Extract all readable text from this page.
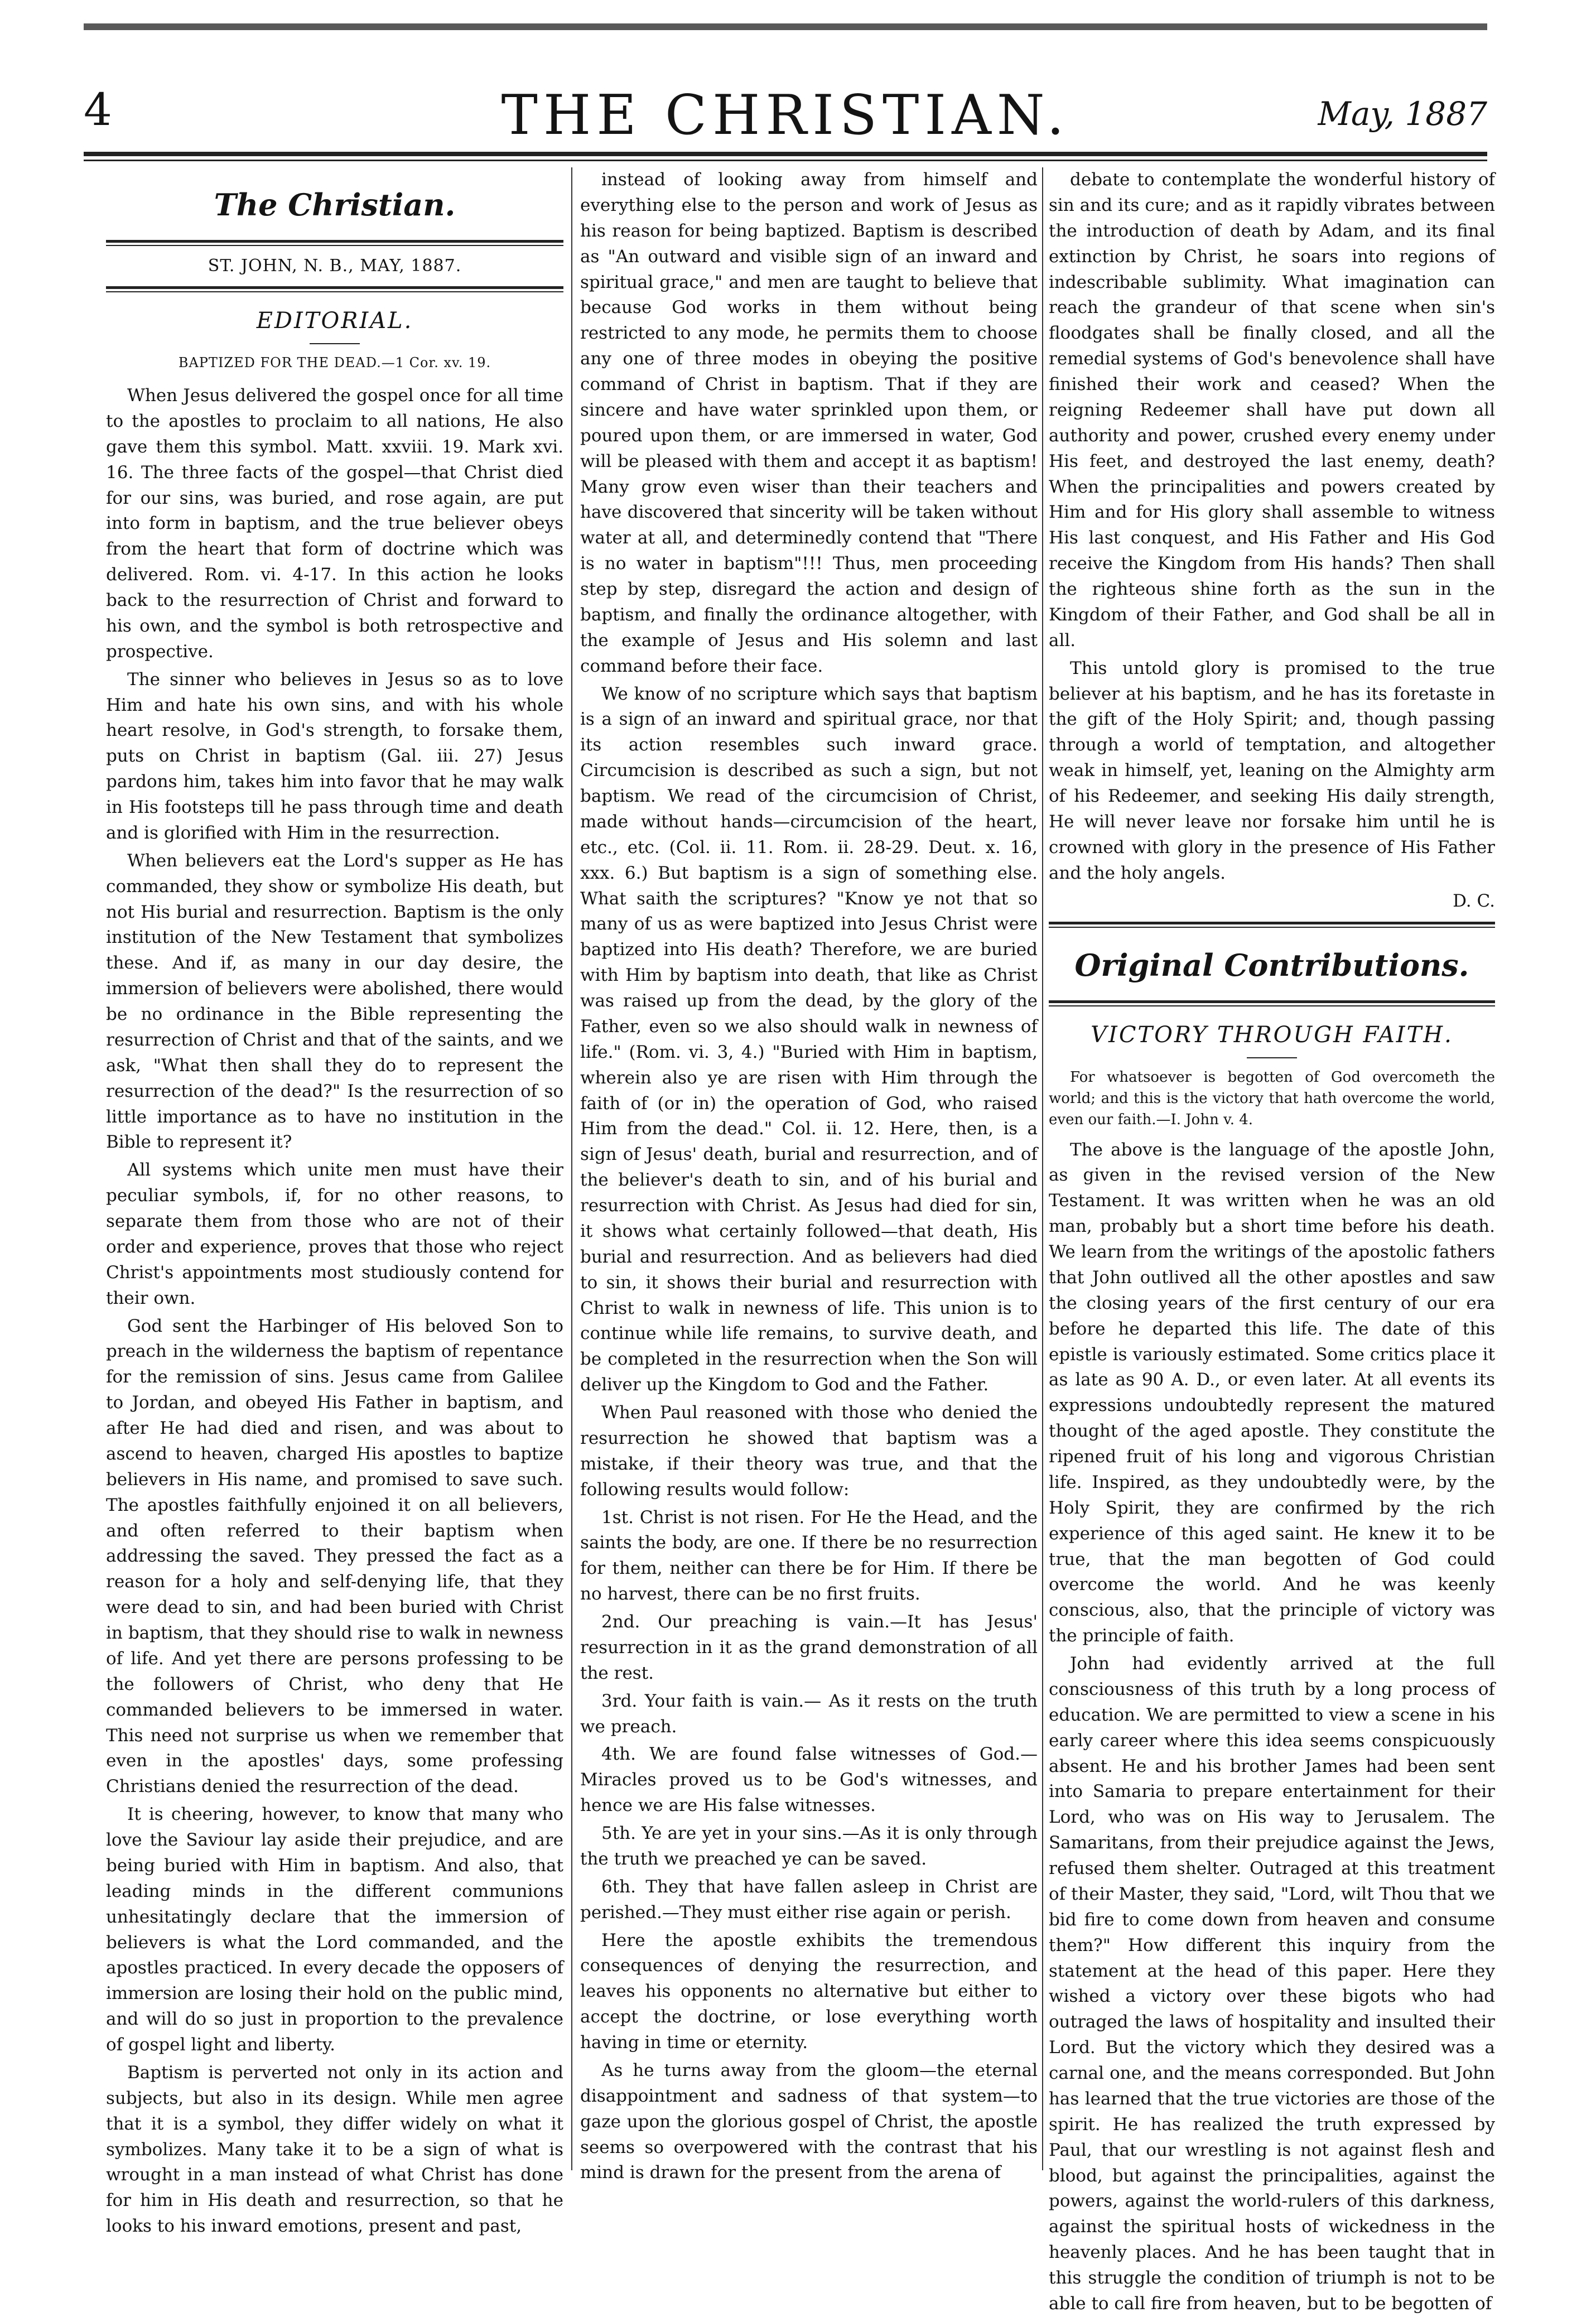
4	THE CHRISTIAN.	May, 1887

The Christian.

ST. JOHN, N. B., MAY, 1887.

EDITORIAL.

BAPTIZED FOR THE DEAD.—1 Cor. xv. 19.

When Jesus delivered the gospel once for all time to the apostles to proclaim to all nations, He also gave them this symbol. Matt. xxviii. 19. Mark xvi. 16. The three facts of the gospel—that Christ died for our sins, was buried, and rose again, are put into form in baptism, and the true believer obeys from the heart that form of doctrine which was delivered. Rom. vi. 4-17. In this action he looks back to the resurrection of Christ and forward to his own, and the symbol is both retrospective and prospective.

The sinner who believes in Jesus so as to love Him and hate his own sins, and with his whole heart resolve, in God's strength, to forsake them, puts on Christ in baptism (Gal. iii. 27) Jesus pardons him, takes him into favor that he may walk in His footsteps till he pass through time and death and is glorified with Him in the resurrection.

When believers eat the Lord's supper as He has commanded, they show or symbolize His death, but not His burial and resurrection. Baptism is the only institution of the New Testament that symbolizes these. And if, as many in our day desire, the immersion of believers were abolished, there would be no ordinance in the Bible representing the resurrection of Christ and that of the saints, and we ask, "What then shall they do to represent the resurrection of the dead?" Is the resurrection of so little importance as to have no institution in the Bible to represent it?

All systems which unite men must have their peculiar symbols, if, for no other reasons, to separate them from those who are not of their order and experience, proves that those who reject Christ's appointments most studiously contend for their own.

God sent the Harbinger of His beloved Son to preach in the wilderness the baptism of repentance for the remission of sins. Jesus came from Galilee to Jordan, and obeyed His Father in baptism, and after He had died and risen, and was about to ascend to heaven, charged His apostles to baptize believers in His name, and promised to save such. The apostles faithfully enjoined it on all believers, and often referred to their baptism when addressing the saved. They pressed the fact as a reason for a holy and self-denying life, that they were dead to sin, and had been buried with Christ in baptism, that they should rise to walk in newness of life. And yet there are persons professing to be the followers of Christ, who deny that He commanded believers to be immersed in water. This need not surprise us when we remember that even in the apostles' days, some professing Christians denied the resurrection of the dead.

It is cheering, however, to know that many who love the Saviour lay aside their prejudice, and are being buried with Him in baptism. And also, that leading minds in the different communions unhesitatingly declare that the immersion of believers is what the Lord commanded, and the apostles practiced. In every decade the opposers of immersion are losing their hold on the public mind, and will do so just in proportion to the prevalence of gospel light and liberty.

Baptism is perverted not only in its action and subjects, but also in its design. While men agree that it is a symbol, they differ widely on what it symbolizes. Many take it to be a sign of what is wrought in a man instead of what Christ has done for him in His death and resurrection, so that he looks to his inward emotions, present and past,

instead of looking away from himself and everything else to the person and work of Jesus as his reason for being baptized. Baptism is described as "An outward and visible sign of an inward and spiritual grace," and men are taught to believe that because God works in them without being restricted to any mode, he permits them to choose any one of three modes in obeying the positive command of Christ in baptism. That if they are sincere and have water sprinkled upon them, or poured upon them, or are immersed in water, God will be pleased with them and accept it as baptism! Many grow even wiser than their teachers and have discovered that sincerity will be taken without water at all, and determinedly contend that "There is no water in baptism"!!! Thus, men proceeding step by step, disregard the action and design of baptism, and finally the ordinance altogether, with the example of Jesus and His solemn and last command before their face.

We know of no scripture which says that baptism is a sign of an inward and spiritual grace, nor that its action resembles such inward grace. Circumcision is described as such a sign, but not baptism. We read of the circumcision of Christ, made without hands—circumcision of the heart, etc., etc. (Col. ii. 11. Rom. ii. 28-29. Deut. x. 16, xxx. 6.) But baptism is a sign of something else. What saith the scriptures? "Know ye not that so many of us as were baptized into Jesus Christ were baptized into His death? Therefore, we are buried with Him by baptism into death, that like as Christ was raised up from the dead, by the glory of the Father, even so we also should walk in newness of life." (Rom. vi. 3, 4.) "Buried with Him in baptism, wherein also ye are risen with Him through the faith of (or in) the operation of God, who raised Him from the dead." Col. ii. 12. Here, then, is a sign of Jesus' death, burial and resurrection, and of the believer's death to sin, and of his burial and resurrection with Christ. As Jesus had died for sin, it shows what certainly followed—that death, His burial and resurrection. And as believers had died to sin, it shows their burial and resurrection with Christ to walk in newness of life. This union is to continue while life remains, to survive death, and be completed in the resurrection when the Son will deliver up the Kingdom to God and the Father.

When Paul reasoned with those who denied the resurrection he showed that baptism was a mistake, if their theory was true, and that the following results would follow:

1st. Christ is not risen. For He the Head, and the saints the body, are one. If there be no resurrection for them, neither can there be for Him. If there be no harvest, there can be no first fruits.

2nd. Our preaching is vain.—It has Jesus' resurrection in it as the grand demonstration of all the rest.

3rd. Your faith is vain.— As it rests on the truth we preach.

4th. We are found false witnesses of God.—Miracles proved us to be God's witnesses, and hence we are His false witnesses.

5th. Ye are yet in your sins.—As it is only through the truth we preached ye can be saved.

6th. They that have fallen asleep in Christ are perished.—They must either rise again or perish.

Here the apostle exhibits the tremendous consequences of denying the resurrection, and leaves his opponents no alternative but either to accept the doctrine, or lose everything worth having in time or eternity.

As he turns away from the gloom—the eternal disappointment and sadness of that system—to gaze upon the glorious gospel of Christ, the apostle seems so overpowered with the contrast that his mind is drawn for the present from the arena of

debate to contemplate the wonderful history of sin and its cure; and as it rapidly vibrates between the introduction of death by Adam, and its final extinction by Christ, he soars into regions of indescribable sublimity. What imagination can reach the grandeur of that scene when sin's floodgates shall be finally closed, and all the remedial systems of God's benevolence shall have finished their work and ceased? When the reigning Redeemer shall have put down all authority and power, crushed every enemy under His feet, and destroyed the last enemy, death? When the principalities and powers created by Him and for His glory shall assemble to witness His last conquest, and His Father and His God receive the Kingdom from His hands? Then shall the righteous shine forth as the sun in the Kingdom of their Father, and God shall be all in all.

This untold glory is promised to the true believer at his baptism, and he has its foretaste in the gift of the Holy Spirit; and, though passing through a world of temptation, and altogether weak in himself, yet, leaning on the Almighty arm of his Redeemer, and seeking His daily strength, He will never leave nor forsake him until he is crowned with glory in the presence of His Father and the holy angels.

D. C.

Original Contributions.

VICTORY THROUGH FAITH.

For whatsoever is begotten of God overcometh the world; and this is the victory that hath overcome the world, even our faith.—I. John v. 4.

The above is the language of the apostle John, as given in the revised version of the New Testament. It was written when he was an old man, probably but a short time before his death. We learn from the writings of the apostolic fathers that John outlived all the other apostles and saw the closing years of the first century of our era before he departed this life. The date of this epistle is variously estimated. Some critics place it as late as 90 A. D., or even later. At all events its expressions undoubtedly represent the matured thought of the aged apostle. They constitute the ripened fruit of his long and vigorous Christian life. Inspired, as they undoubtedly were, by the Holy Spirit, they are confirmed by the rich experience of this aged saint. He knew it to be true, that the man begotten of God could overcome the world. And he was keenly conscious, also, that the principle of victory was the principle of faith.

John had evidently arrived at the full consciousness of this truth by a long process of education. We are permitted to view a scene in his early career where this idea seems conspicuously absent. He and his brother James had been sent into Samaria to prepare entertainment for their Lord, who was on His way to Jerusalem. The Samaritans, from their prejudice against the Jews, refused them shelter. Outraged at this treatment of their Master, they said, "Lord, wilt Thou that we bid fire to come down from heaven and consume them?" How different this inquiry from the statement at the head of this paper. Here they wished a victory over these bigots who had outraged the laws of hospitality and insulted their Lord. But the victory which they desired was a carnal one, and the means corresponded. But John has learned that the true victories are those of the spirit. He has realized the truth expressed by Paul, that our wrestling is not against flesh and blood, but against the principalities, against the powers, against the world-rulers of this darkness, against the spiritual hosts of wickedness in the heavenly places. And he has been taught that in this struggle the condition of triumph is not to be able to call fire from heaven, but to be begotten of
